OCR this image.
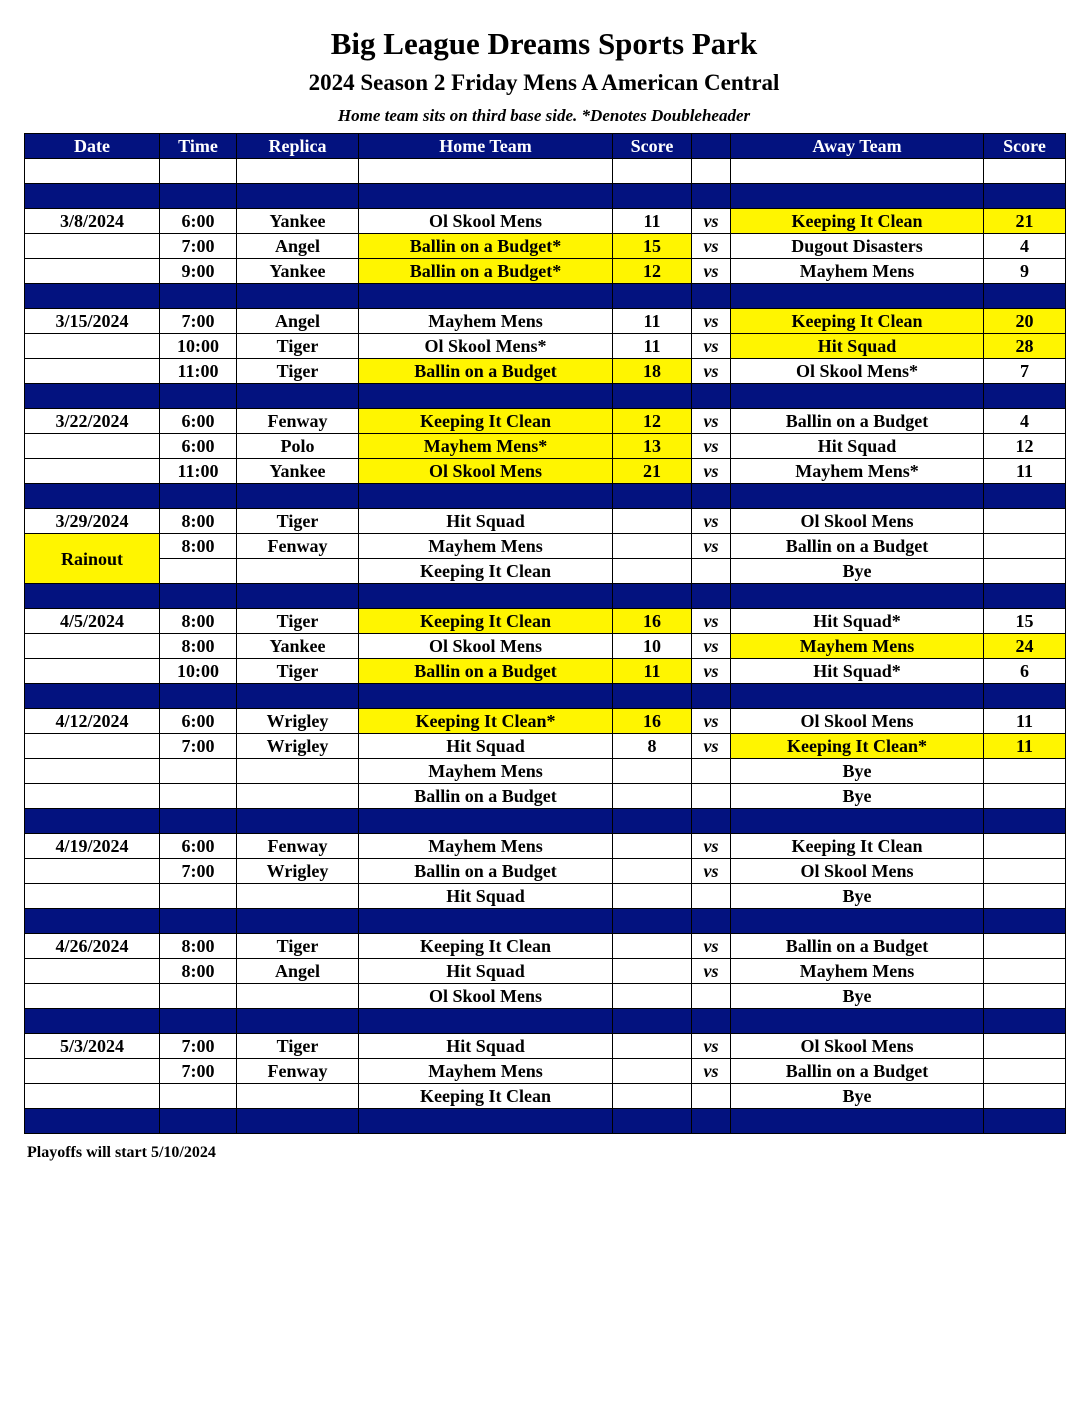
Big League Dreams Sports Park
2024 Season 2 Friday Mens A American Central
Home team sits on third base side. *Denotes Doubleheader
Date	Time	Replica	Home Team	Score		Away Team	Score

3/8/2024	6:00	Yankee	Ol Skool Mens	11	vs	Keeping It Clean	21
	7:00	Angel	Ballin on a Budget*	15	vs	Dugout Disasters	4
	9:00	Yankee	Ballin on a Budget*	12	vs	Mayhem Mens	9

3/15/2024	7:00	Angel	Mayhem Mens	11	vs	Keeping It Clean	20
	10:00	Tiger	Ol Skool Mens*	11	vs	Hit Squad	28
	11:00	Tiger	Ballin on a Budget	18	vs	Ol Skool Mens*	7

3/22/2024	6:00	Fenway	Keeping It Clean	12	vs	Ballin on a Budget	4
	6:00	Polo	Mayhem Mens*	13	vs	Hit Squad	12
	11:00	Yankee	Ol Skool Mens	21	vs	Mayhem Mens*	11

3/29/2024	8:00	Tiger	Hit Squad		vs	Ol Skool Mens	
Rainout	8:00	Fenway	Mayhem Mens		vs	Ballin on a Budget	
			Keeping It Clean			Bye	

4/5/2024	8:00	Tiger	Keeping It Clean	16	vs	Hit Squad*	15
	8:00	Yankee	Ol Skool Mens	10	vs	Mayhem Mens	24
	10:00	Tiger	Ballin on a Budget	11	vs	Hit Squad*	6

4/12/2024	6:00	Wrigley	Keeping It Clean*	16	vs	Ol Skool Mens	11
	7:00	Wrigley	Hit Squad	8	vs	Keeping It Clean*	11
			Mayhem Mens			Bye	
			Ballin on a Budget			Bye	

4/19/2024	6:00	Fenway	Mayhem Mens		vs	Keeping It Clean	
	7:00	Wrigley	Ballin on a Budget		vs	Ol Skool Mens	
			Hit Squad			Bye	

4/26/2024	8:00	Tiger	Keeping It Clean		vs	Ballin on a Budget	
	8:00	Angel	Hit Squad		vs	Mayhem Mens	
			Ol Skool Mens			Bye	

5/3/2024	7:00	Tiger	Hit Squad		vs	Ol Skool Mens	
	7:00	Fenway	Mayhem Mens		vs	Ballin on a Budget	
			Keeping It Clean			Bye	

Playoffs will start 5/10/2024
